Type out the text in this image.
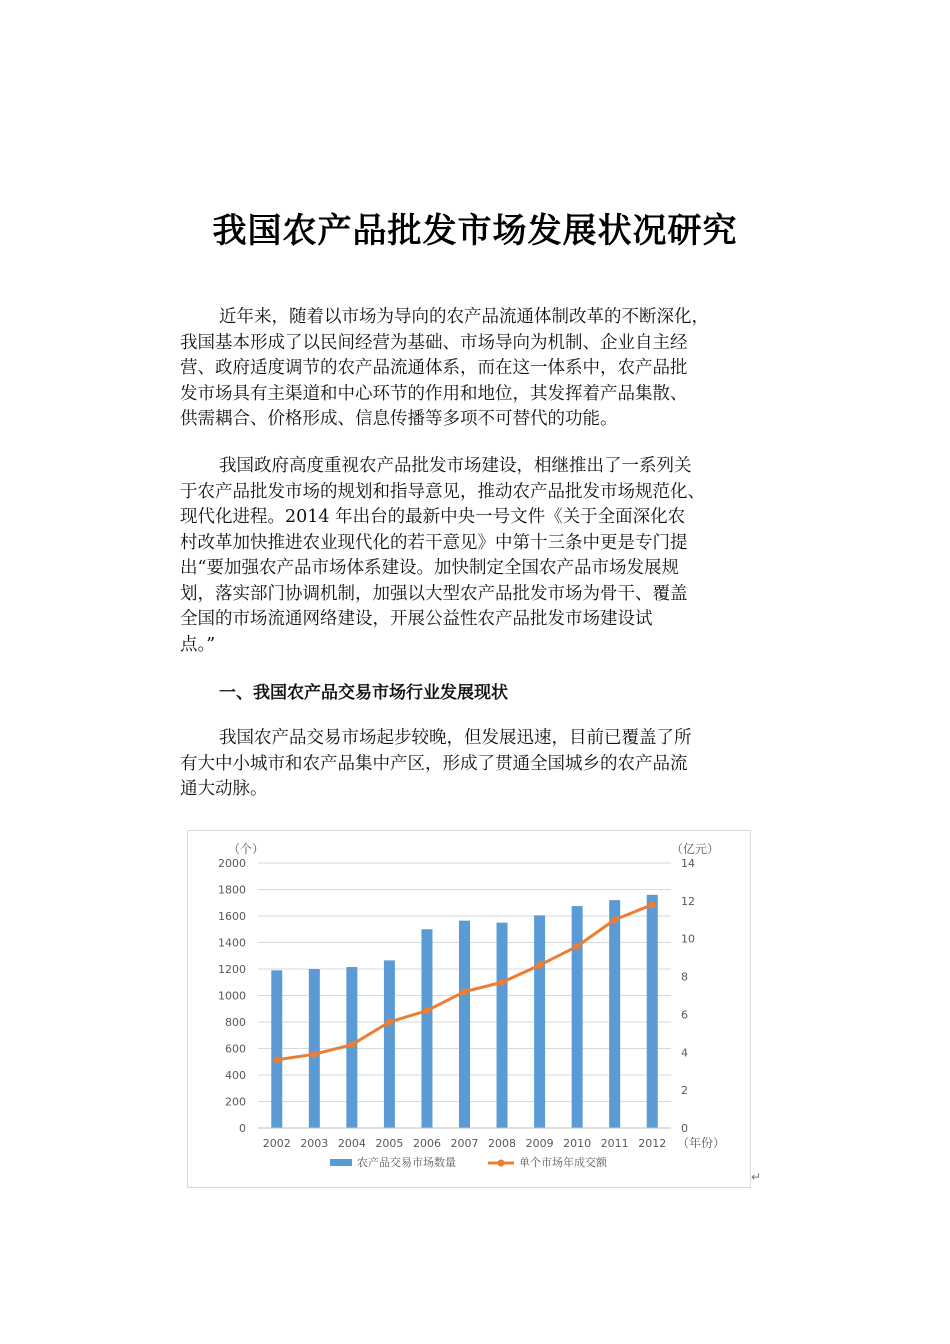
我国农产品批发市场发展状况研究
近年来，随着以市场为导向的农产品流通体制改革的不断深化，
我国基本形成了以民间经营为基础、市场导向为机制、企业自主经
营、政府适度调节的农产品流通体系，而在这一体系中，农产品批
发市场具有主渠道和中心环节的作用和地位，其发挥着产品集散、
供需耦合、价格形成、信息传播等多项不可替代的功能。
我国政府高度重视农产品批发市场建设，相继推出了一系列关
于农产品批发市场的规划和指导意见，推动农产品批发市场规范化、
现代化进程。2014 年出台的最新中央一号文件《关于全面深化农
村改革加快推进农业现代化的若干意见》中第十三条中更是专门提
出“要加强农产品市场体系建设。加快制定全国农产品市场发展规
划，落实部门协调机制，加强以大型农产品批发市场为骨干、覆盖
全国的市场流通网络建设，开展公益性农产品批发市场建设试
点。”
一、我国农产品交易市场行业发展现状
我国农产品交易市场起步较晚，但发展迅速，目前已覆盖了所
有大中小城市和农产品集中产区，形成了贯通全国城乡的农产品流
通大动脉。
0
200
400
600
800
1000
1200
1400
1600
1800
2000
0
2
4
6
8
10
12
14
（个）	（亿元）
2002 2003 2004 2005 2006 2007 2008 2009 2010 2011 2012 （年份）
农产品交易市场数量	单个市场年成交额
↵
